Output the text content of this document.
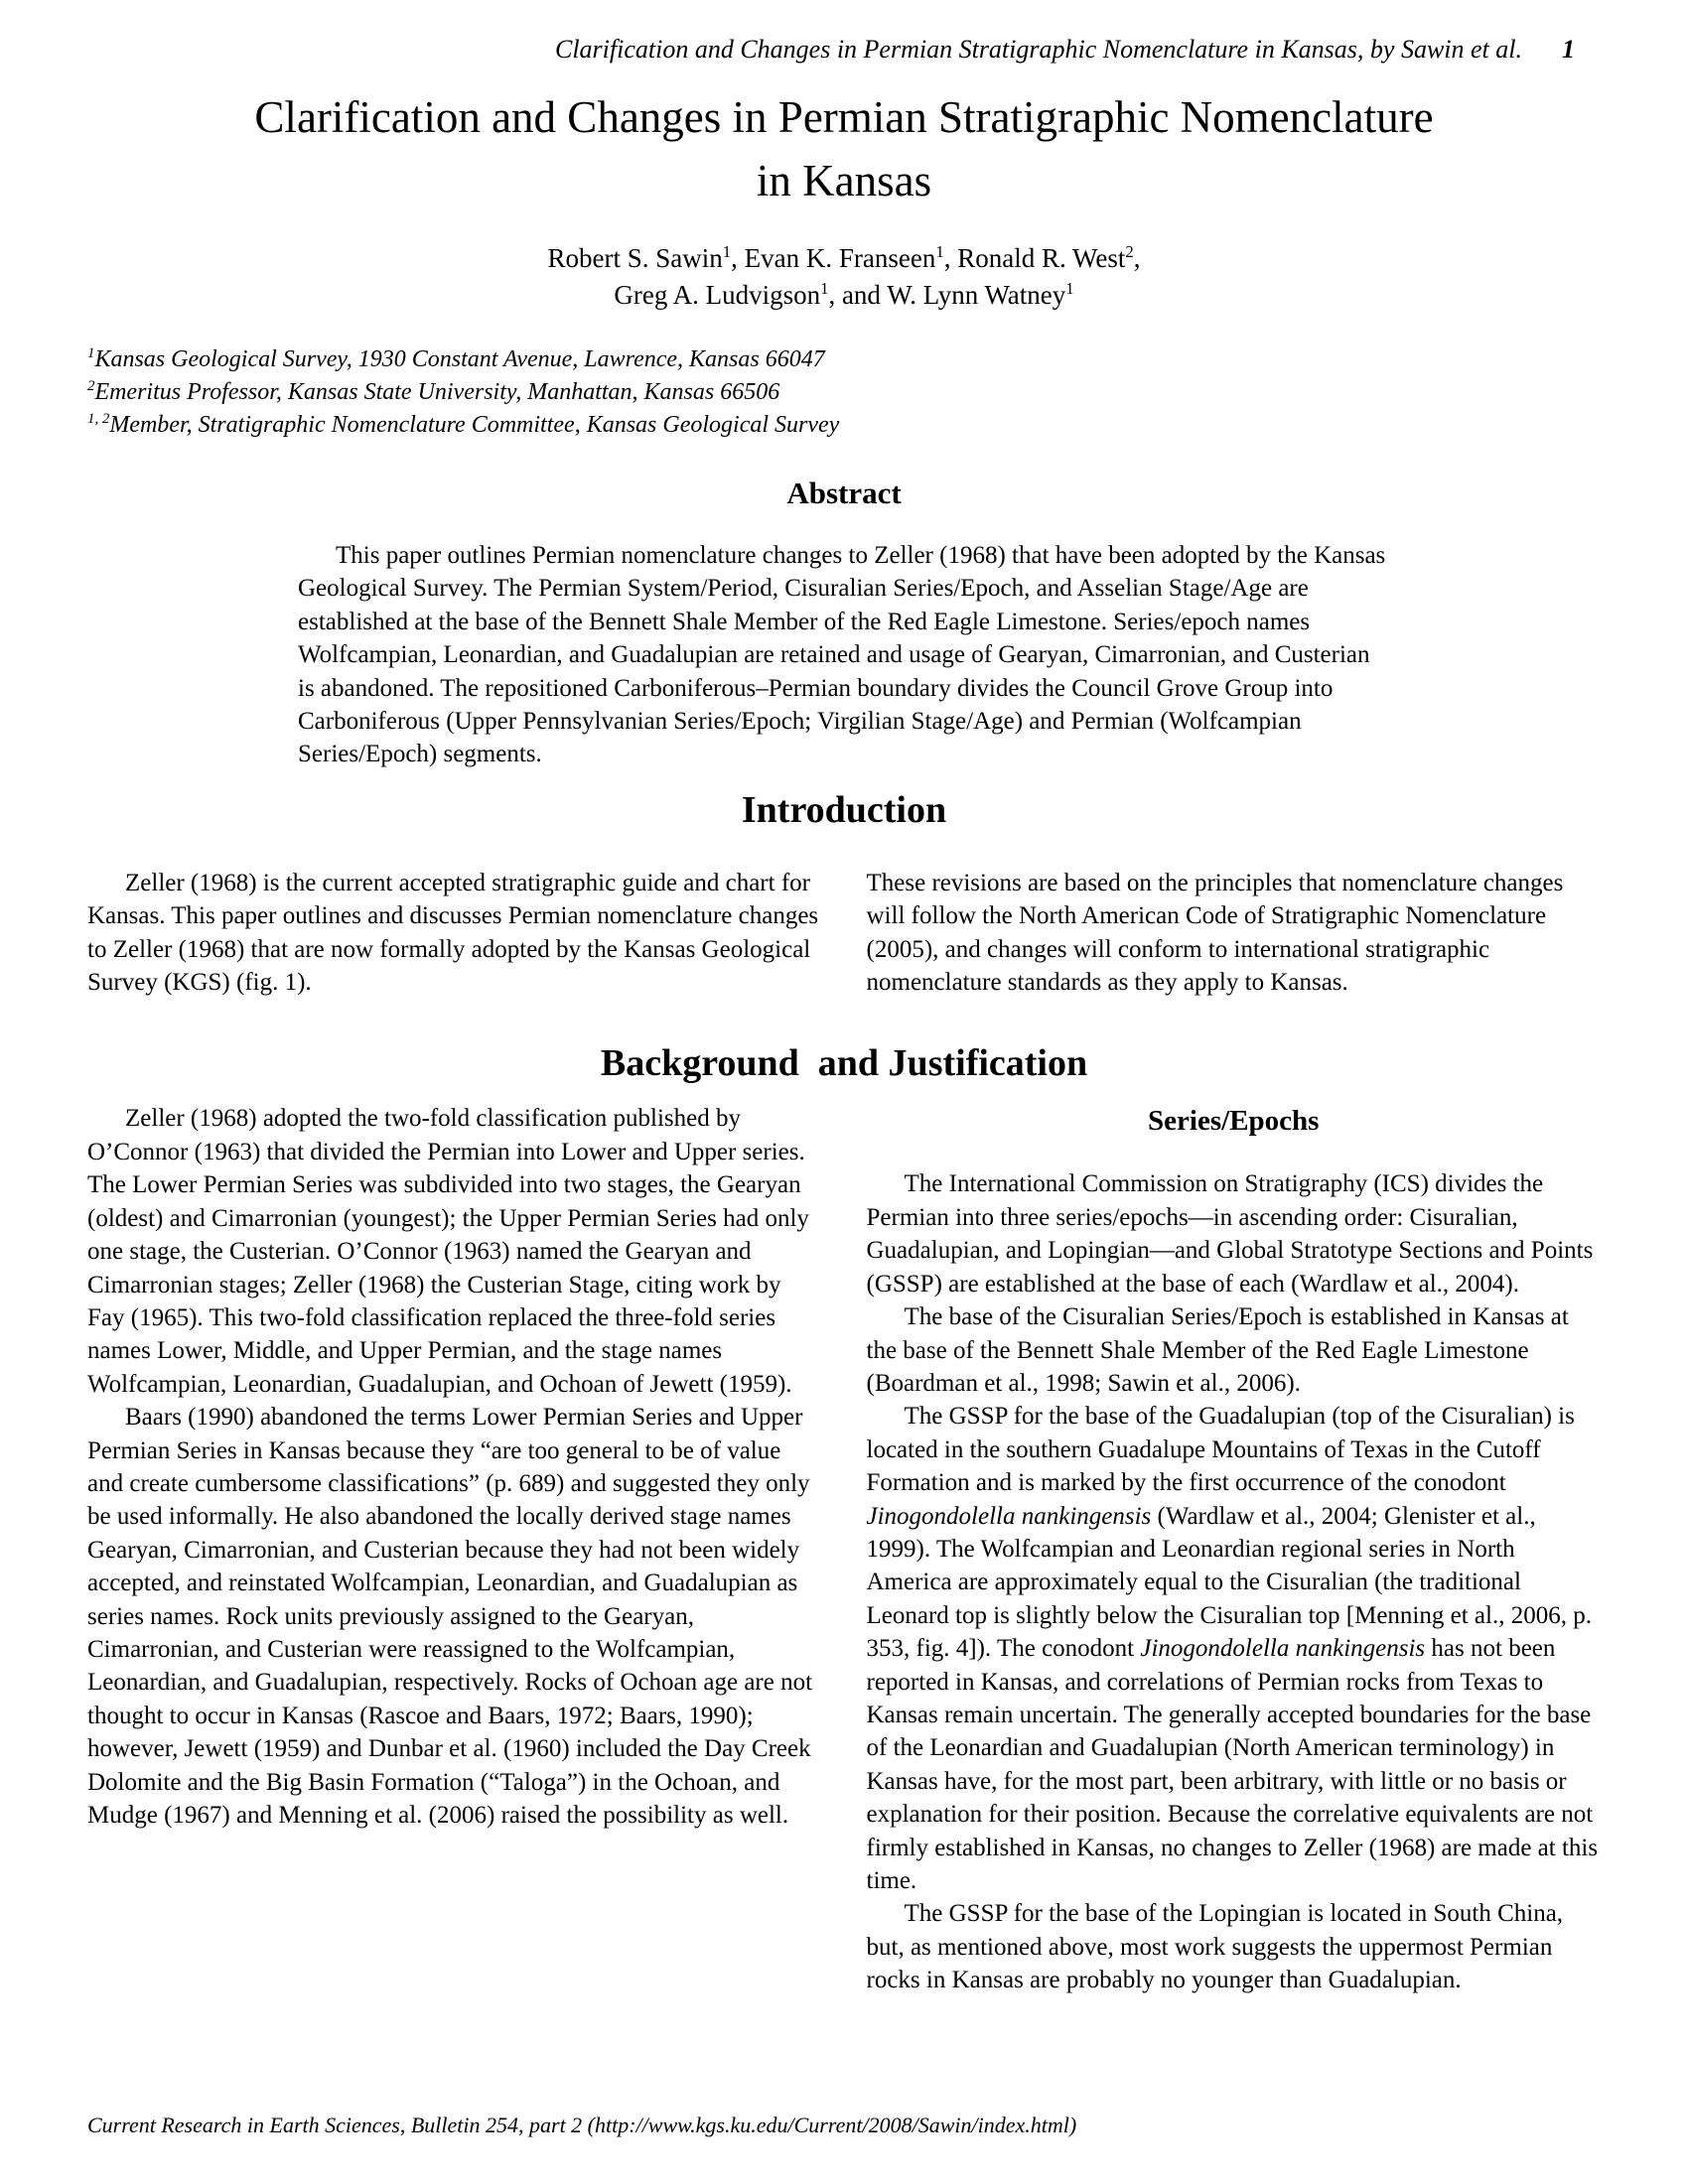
Clarification and Changes in Permian Stratigraphic Nomenclature in Kansas, by Sawin et al. 1
Clarification and Changes in Permian Stratigraphic Nomenclature
in Kansas
Robert S. Sawin$^1$, Evan K. Franseen$^1$, Ronald R. West$^2$,
Greg A. Ludvigson$^1$, and W. Lynn Watney$^1$
$^1$Kansas Geological Survey, 1930 Constant Avenue, Lawrence, Kansas 66047
$^2$Emeritus Professor, Kansas State University, Manhattan, Kansas 66506
$^{1, 2}$Member, Stratigraphic Nomenclature Committee, Kansas Geological Survey
Abstract

This paper outlines Permian nomenclature changes to Zeller (1968) that have been adopted by the Kansas Geological Survey. The Permian System/Period, Cisuralian Series/Epoch, and Asselian Stage/Age are established at the base of the Bennett Shale Member of the Red Eagle Limestone. Series/epoch names Wolfcampian, Leonardian, and Guadalupian are retained and usage of Gearyan, Cimarronian, and Custerian is abandoned. The repositioned Carboniferous–Permian boundary divides the Council Grove Group into Carboniferous (Upper Pennsylvanian Series/Epoch; Virgilian Stage/Age) and Permian (Wolfcampian Series/Epoch) segments.

Introduction

Zeller (1968) is the current accepted stratigraphic guide and chart for Kansas. This paper outlines and discusses Permian nomenclature changes to Zeller (1968) that are now formally adopted by the Kansas Geological Survey (KGS) (fig. 1).

These revisions are based on the principles that nomenclature changes will follow the North American Code of Stratigraphic Nomenclature (2005), and changes will conform to international stratigraphic nomenclature standards as they apply to Kansas.

Background  and Justification

Zeller (1968) adopted the two-fold classification published by O’Connor (1963) that divided the Permian into Lower and Upper series. The Lower Permian Series was subdivided into two stages, the Gearyan (oldest) and Cimarronian (youngest); the Upper Permian Series had only one stage, the Custerian. O’Connor (1963) named the Gearyan and Cimarronian stages; Zeller (1968) the Custerian Stage, citing work by Fay (1965). This two-fold classification replaced the three-fold series names Lower, Middle, and Upper Permian, and the stage names Wolfcampian, Leonardian, Guadalupian, and Ochoan of Jewett (1959).

Baars (1990) abandoned the terms Lower Permian Series and Upper Permian Series in Kansas because they “are too general to be of value and create cumbersome classifications” (p. 689) and suggested they only be used informally. He also abandoned the locally derived stage names Gearyan, Cimarronian, and Custerian because they had not been widely accepted, and reinstated Wolfcampian, Leonardian, and Guadalupian as series names. Rock units previously assigned to the Gearyan, Cimarronian, and Custerian were reassigned to the Wolfcampian, Leonardian, and Guadalupian, respectively. Rocks of Ochoan age are not thought to occur in Kansas (Rascoe and Baars, 1972; Baars, 1990); however, Jewett (1959) and Dunbar et al. (1960) included the Day Creek Dolomite and the Big Basin Formation (“Taloga”) in the Ochoan, and Mudge (1967) and Menning et al. (2006) raised the possibility as well.

Series/Epochs

The International Commission on Stratigraphy (ICS) divides the Permian into three series/epochs—in ascending order: Cisuralian, Guadalupian, and Lopingian—and Global Stratotype Sections and Points (GSSP) are established at the base of each (Wardlaw et al., 2004).

The base of the Cisuralian Series/Epoch is established in Kansas at the base of the Bennett Shale Member of the Red Eagle Limestone (Boardman et al., 1998; Sawin et al., 2006).

The GSSP for the base of the Guadalupian (top of the Cisuralian) is located in the southern Guadalupe Mountains of Texas in the Cutoff Formation and is marked by the first occurrence of the conodont Jinogondolella nankingensis (Wardlaw et al., 2004; Glenister et al., 1999). The Wolfcampian and Leonardian regional series in North America are approximately equal to the Cisuralian (the traditional Leonard top is slightly below the Cisuralian top [Menning et al., 2006, p. 353, fig. 4]). The conodont Jinogondolella nankingensis has not been reported in Kansas, and correlations of Permian rocks from Texas to Kansas remain uncertain. The generally accepted boundaries for the base of the Leonardian and Guadalupian (North American terminology) in Kansas have, for the most part, been arbitrary, with little or no basis or explanation for their position. Because the correlative equivalents are not firmly established in Kansas, no changes to Zeller (1968) are made at this time.

The GSSP for the base of the Lopingian is located in South China, but, as mentioned above, most work suggests the uppermost Permian rocks in Kansas are probably no younger than Guadalupian.

Current Research in Earth Sciences, Bulletin 254, part 2 (http://www.kgs.ku.edu/Current/2008/Sawin/index.html)
